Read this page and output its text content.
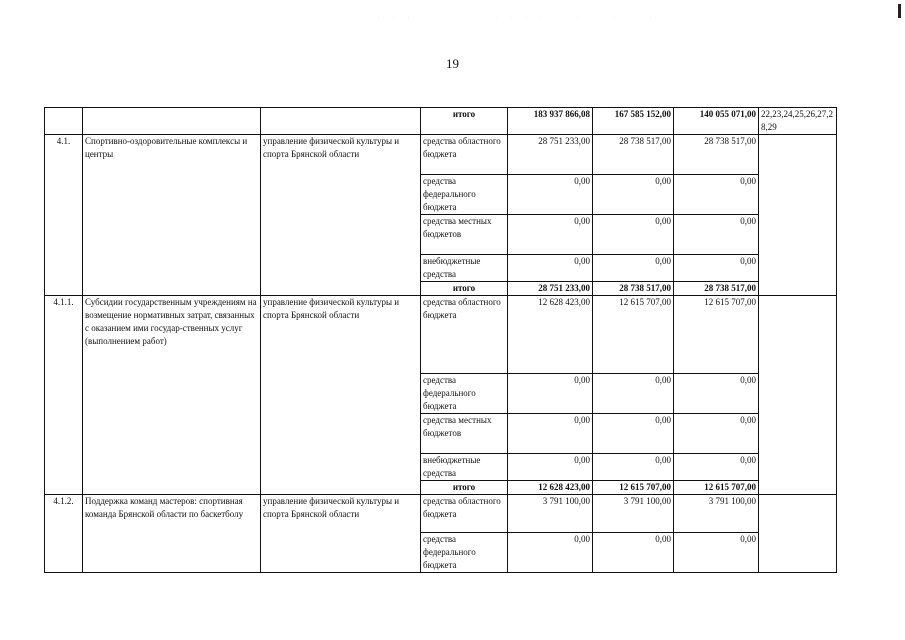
19
· · ·           · · · ·    ·    ·    ·
			итого	183 937 866,08	167 585 152,00	140 055 071,00	22,23,24,25,26,27,28,29
4.1.	Спортивно-оздоровительные комплексы и центры	управление физической культуры и спорта Брянской области	средства областного бюджета	28 751 233,00	28 738 517,00	28 738 517,00	
			средства федерального бюджета	0,00	0,00	0,00	
			средства местных бюджетов	0,00	0,00	0,00	
			внебюджетные средства	0,00	0,00	0,00	
			итого	28 751 233,00	28 738 517,00	28 738 517,00	
4.1.1.	Субсидии государственным учреждениям на возмещение нормативных затрат, связанных с оказанием ими государ-ственных услуг (выполнением работ)	управление физической культуры и спорта Брянской области	средства областного бюджета	12 628 423,00	12 615 707,00	12 615 707,00	
			средства федерального бюджета	0,00	0,00	0,00	
			средства местных бюджетов	0,00	0,00	0,00	
			внебюджетные средства	0,00	0,00	0,00	
			итого	12 628 423,00	12 615 707,00	12 615 707,00	
4.1.2.	Поддержка команд мастеров: спортивная команда Брянской области по баскетболу	управление физической культуры и спорта Брянской области	средства областного бюджета	3 791 100,00	3 791 100,00	3 791 100,00	
			средства федерального бюджета	0,00	0,00	0,00	
